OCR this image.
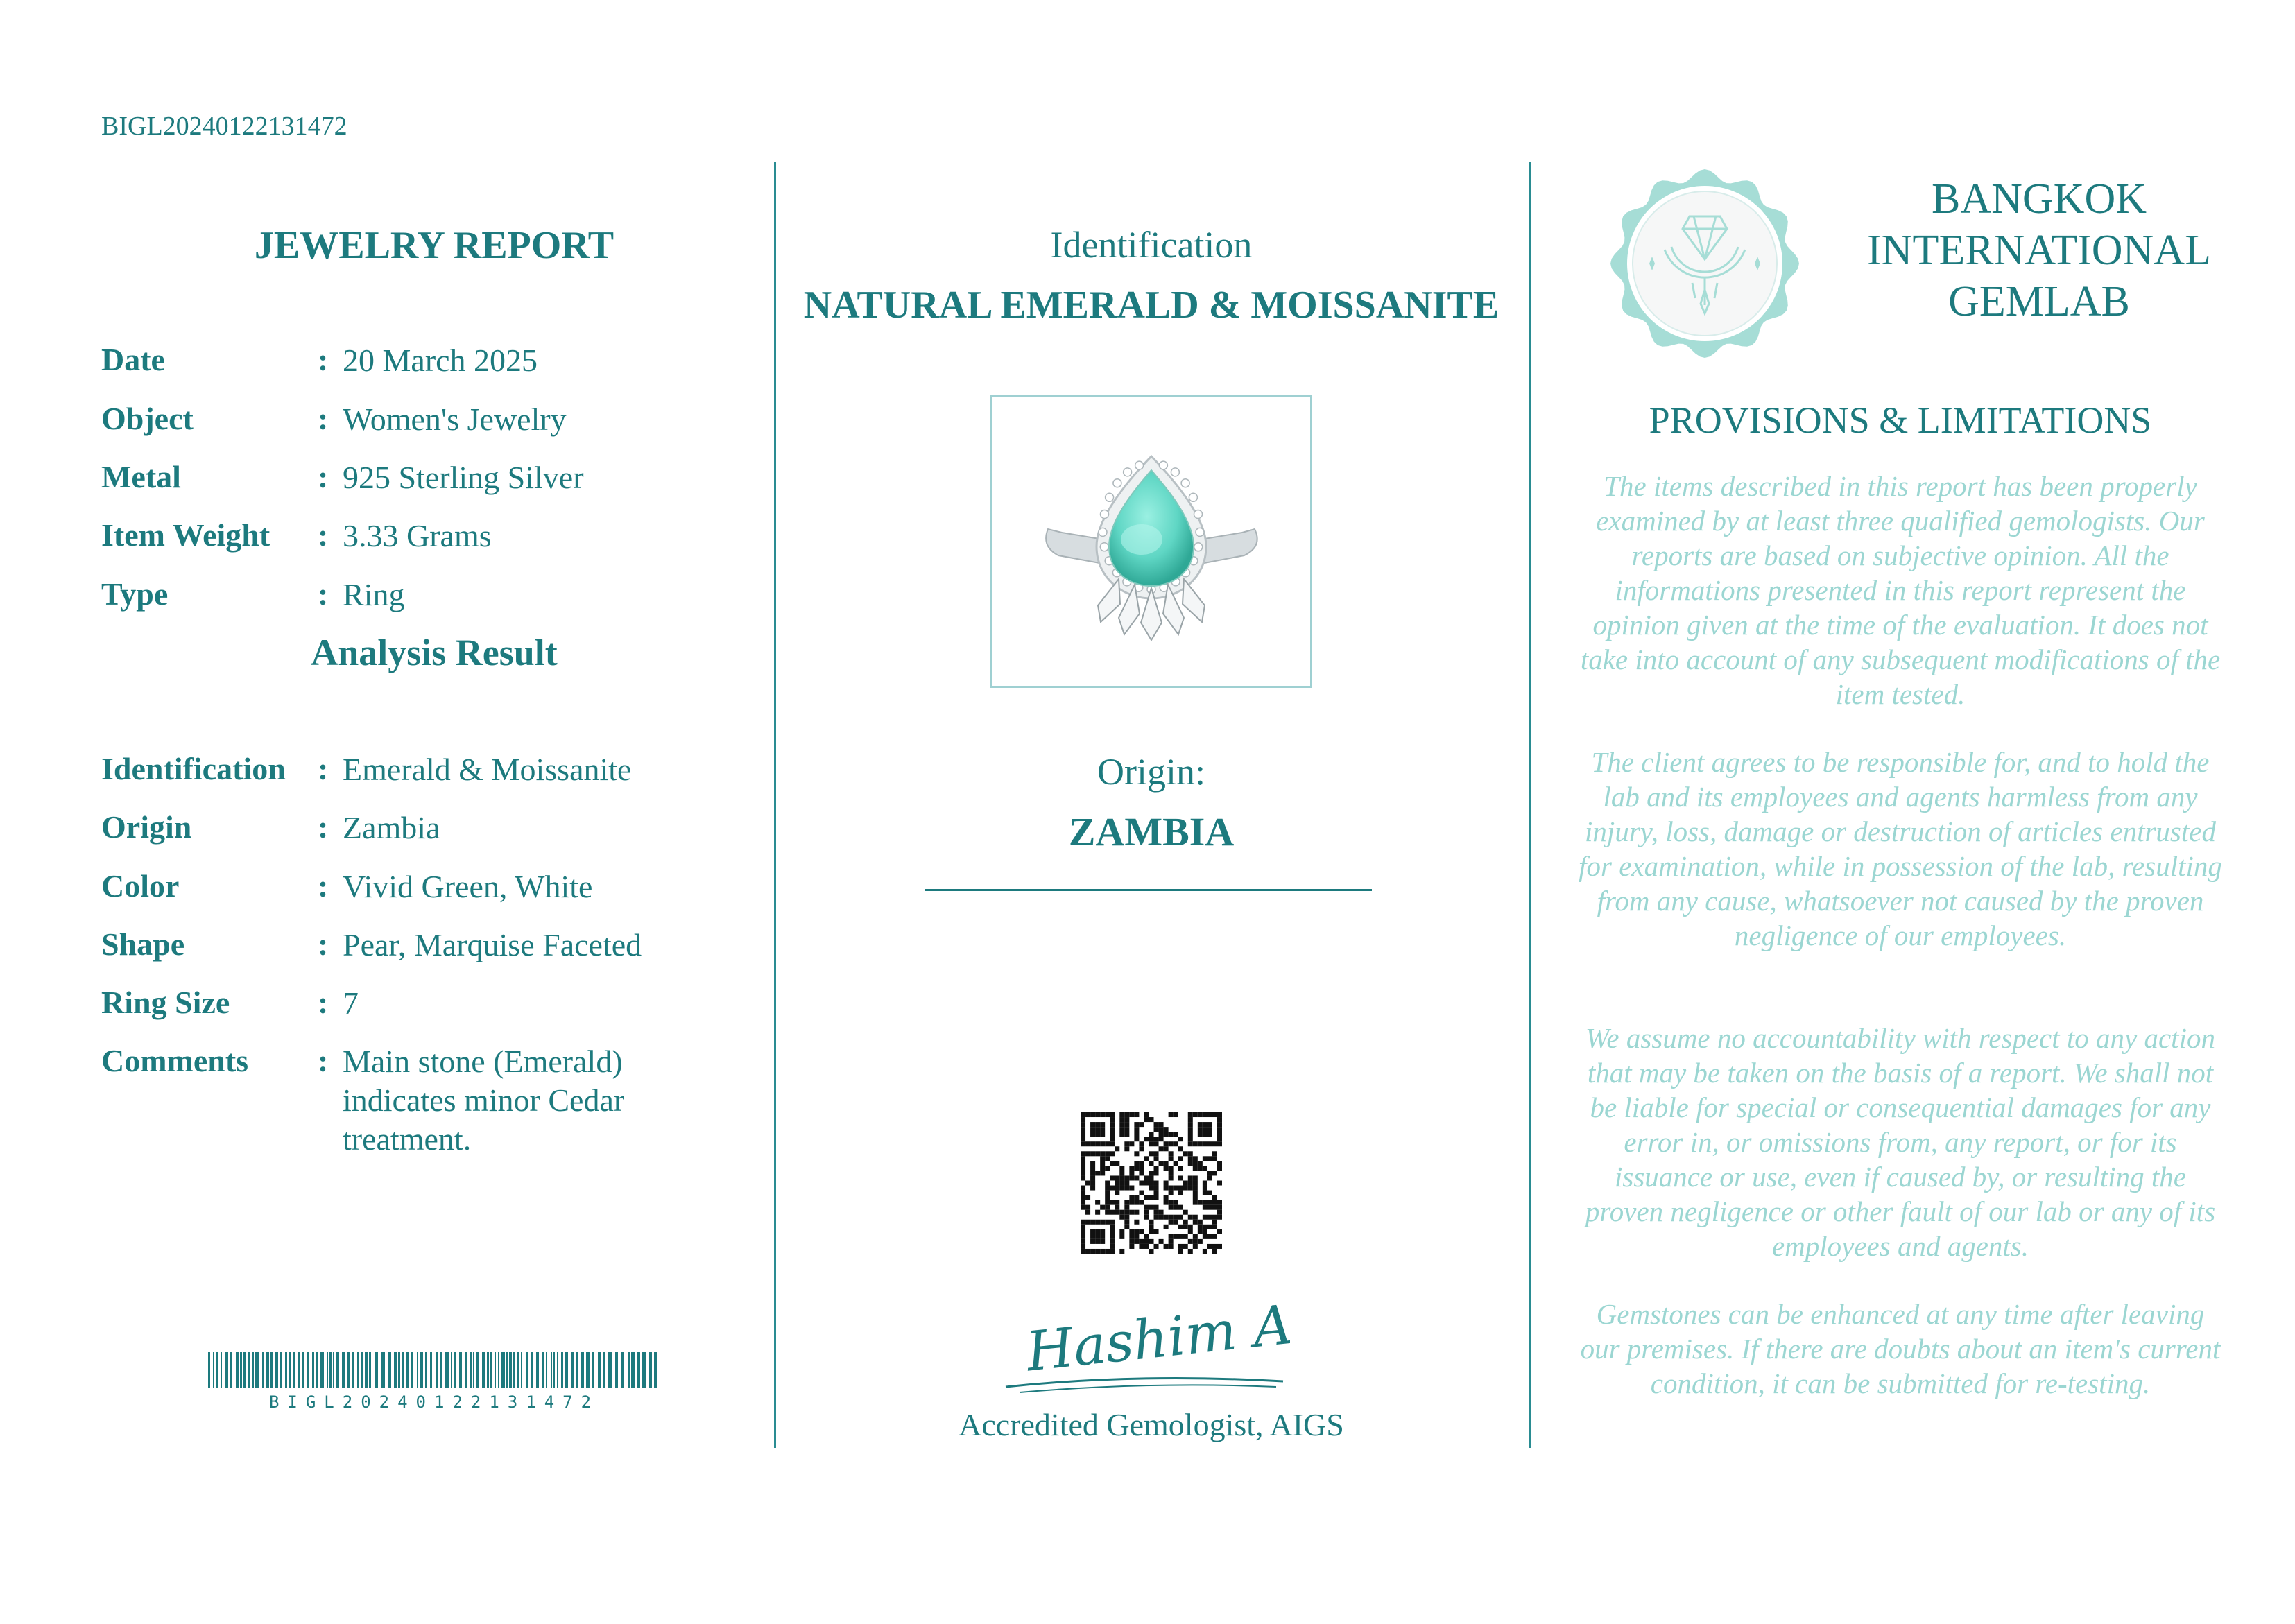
BIGL20240122131472
JEWELRY REPORT
Date	: 20 March 2025
Object	: Women's Jewelry
Metal	: 925 Sterling Silver
Item Weight : 3.33 Grams
Type	: Ring
Analysis Result
Identification : Emerald & Moissanite
Origin	: Zambia
Color	: Vivid Green, White
Shape	: Pear, Marquise Faceted
Ring Size	: 7
Comments : Main stone (Emerald) indicates minor Cedar treatment.
BIGL20240122131472
Identification
NATURAL EMERALD & MOISSANITE
Origin:
ZAMBIA
Hashim A.
Accredited Gemologist, AIGS
BANGKOK
INTERNATIONAL
GEMLAB
PROVISIONS & LIMITATIONS
The items described in this report has been properly examined by at least three qualified gemologists. Our reports are based on subjective opinion. All the informations presented in this report represent the opinion given at the time of the evaluation. It does not take into account of any subsequent modifications of the item tested.
The client agrees to be responsible for, and to hold the lab and its employees and agents harmless from any injury, loss, damage or destruction of articles entrusted for examination, while in possession of the lab, resulting from any cause, whatsoever not caused by the proven negligence of our employees.
We assume no accountability with respect to any action that may be taken on the basis of a report. We shall not be liable for special or consequential damages for any error in, or omissions from, any report, or for its issuance or use, even if caused by, or resulting the proven negligence or other fault of our lab or any of its employees and agents.
Gemstones can be enhanced at any time after leaving our premises. If there are doubts about an item's current condition, it can be submitted for re-testing.
